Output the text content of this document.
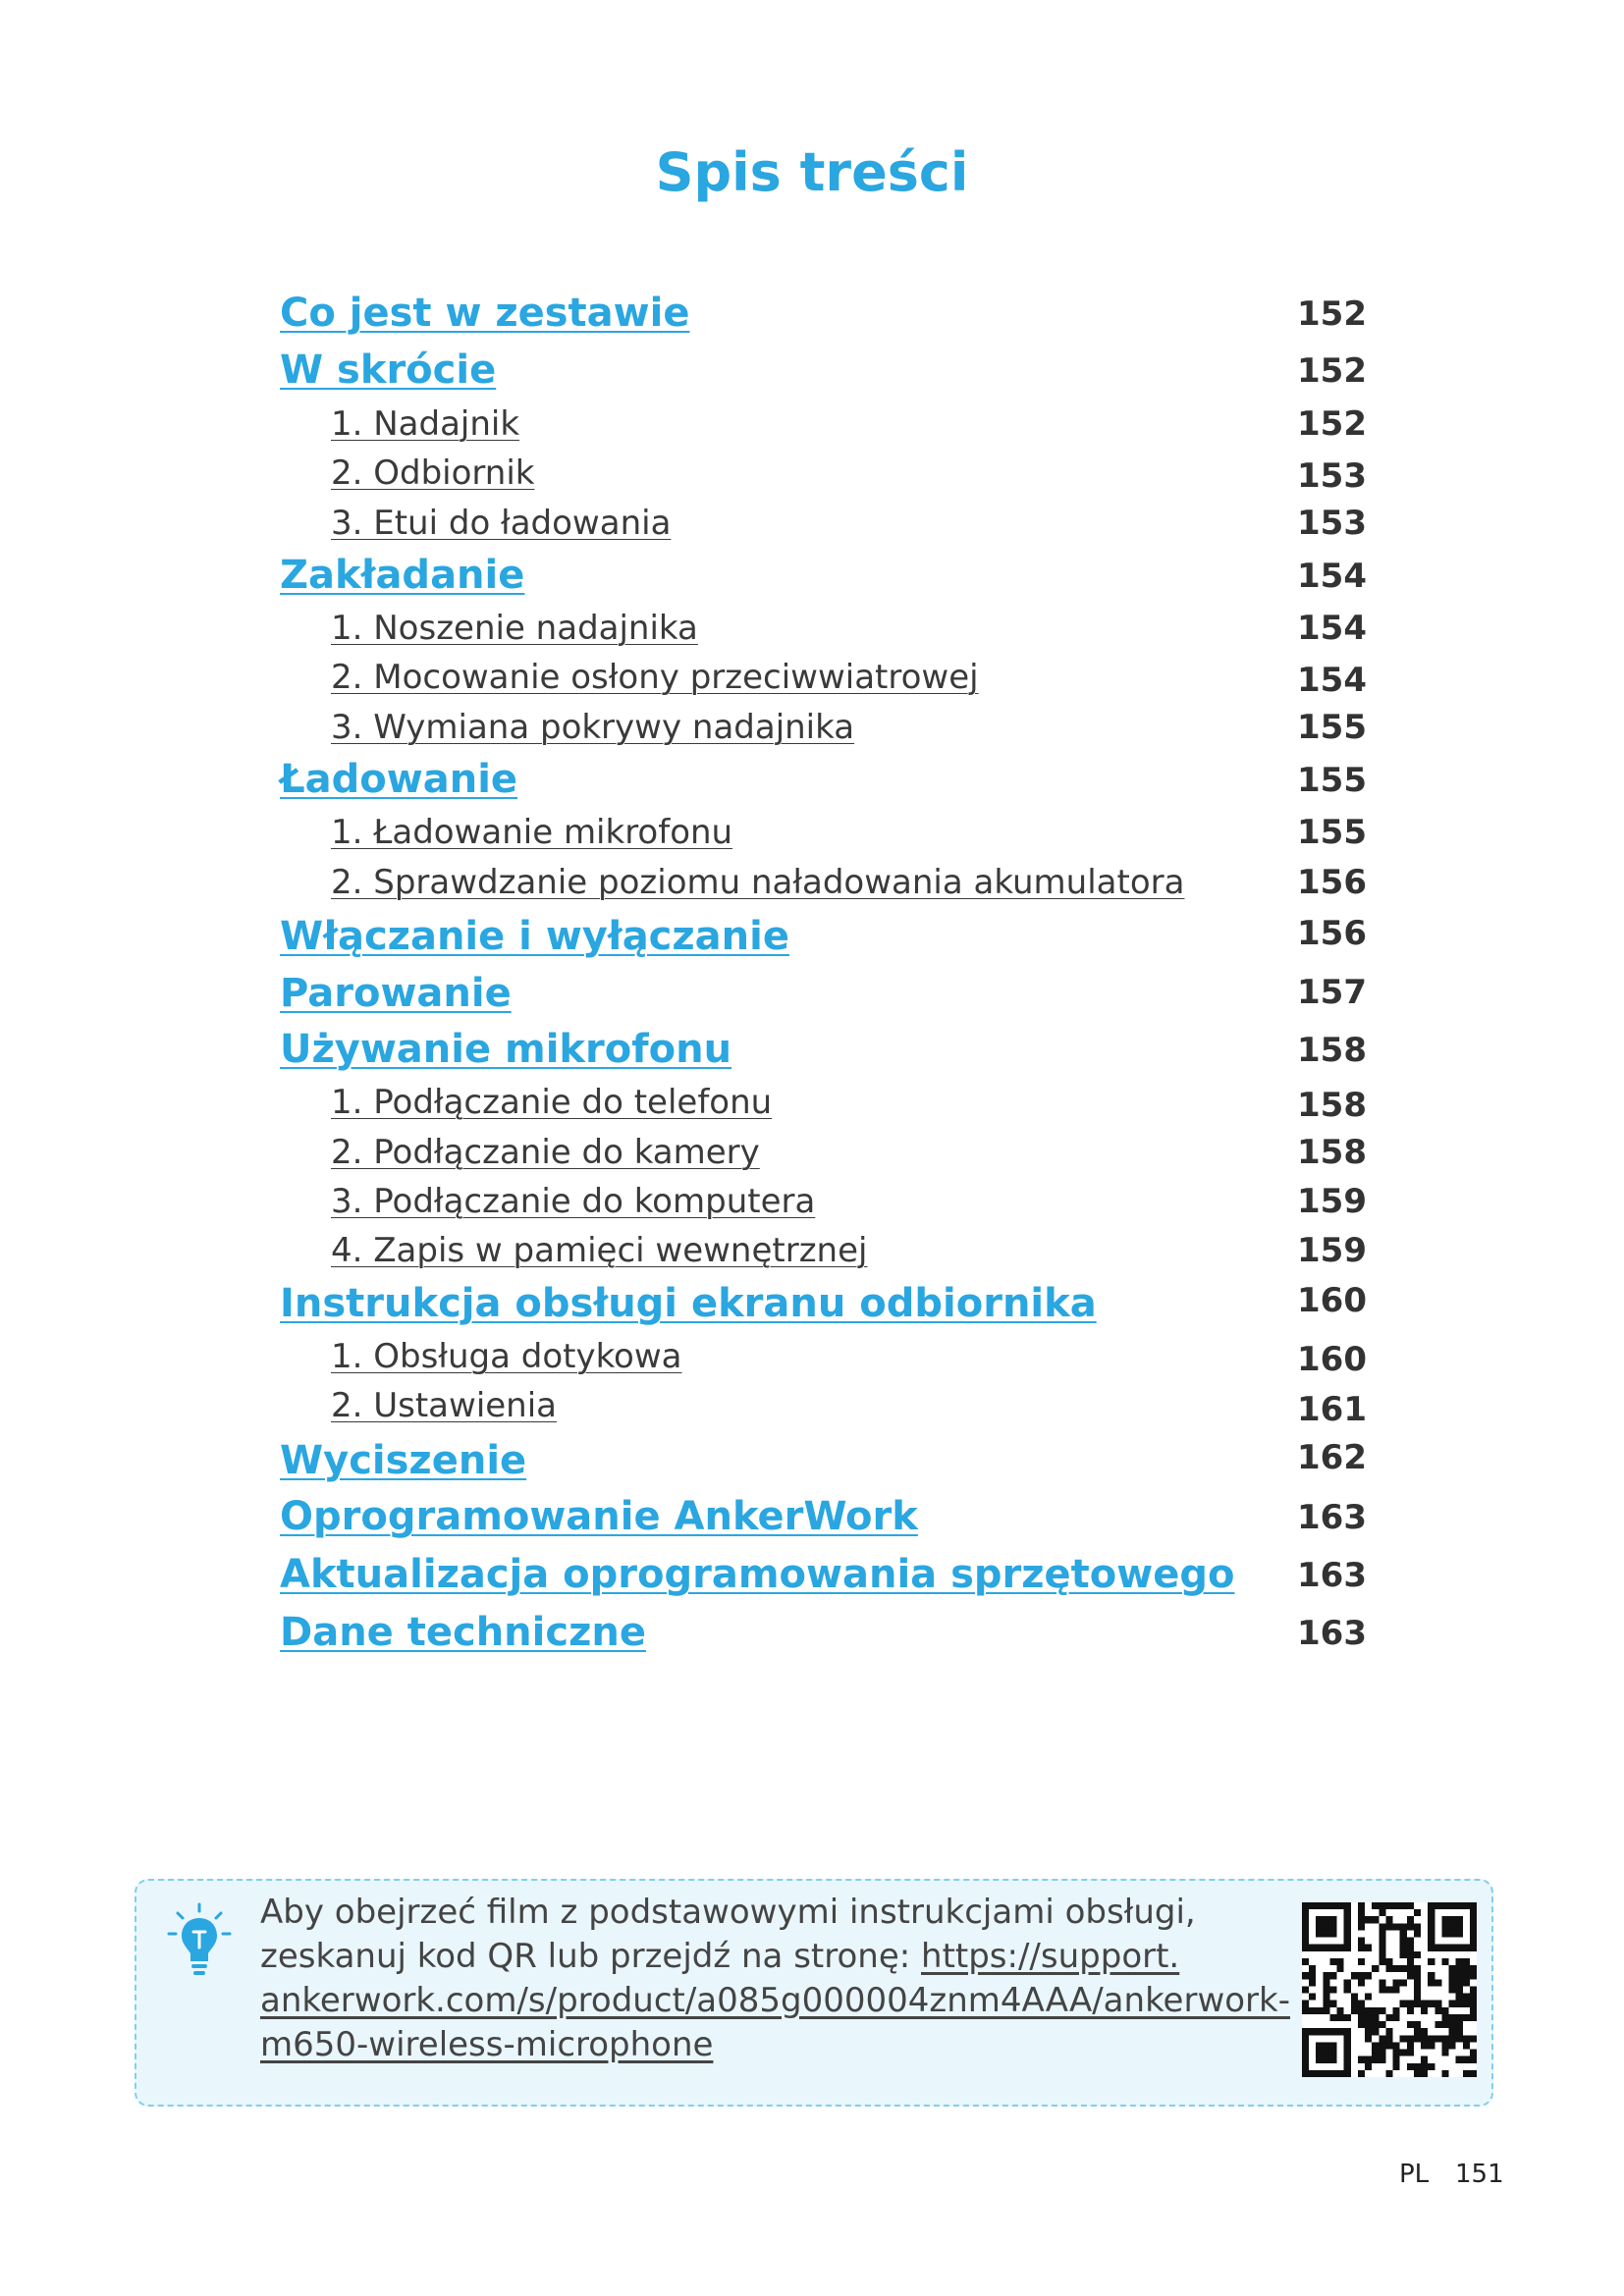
Spis treści
Co jest w zestawie	152
W skrócie	152
1. Nadajnik	152
2. Odbiornik	153
3. Etui do ładowania	153
Zakładanie	154
1. Noszenie nadajnika	154
2. Mocowanie osłony przeciwwiatrowej	154
3. Wymiana pokrywy nadajnika	155
Ładowanie	155
1. Ładowanie mikrofonu	155
2. Sprawdzanie poziomu naładowania akumulatora	156
Włączanie i wyłączanie	156
Parowanie	157
Używanie mikrofonu	158
1. Podłączanie do telefonu	158
2. Podłączanie do kamery	158
3. Podłączanie do komputera	159
4. Zapis w pamięci wewnętrznej	159
Instrukcja obsługi ekranu odbiornika	160
1. Obsługa dotykowa	160
2. Ustawienia	161
Wyciszenie	162
Oprogramowanie AnkerWork	163
Aktualizacja oprogramowania sprzętowego	163
Dane techniczne	163
Aby obejrzeć film z podstawowymi instrukcjami obsługi,
zeskanuj kod QR lub przejdź na stronę: https://support.
ankerwork.com/s/product/a085g000004znm4AAA/ankerwork-
m650-wireless-microphone
PL 151
